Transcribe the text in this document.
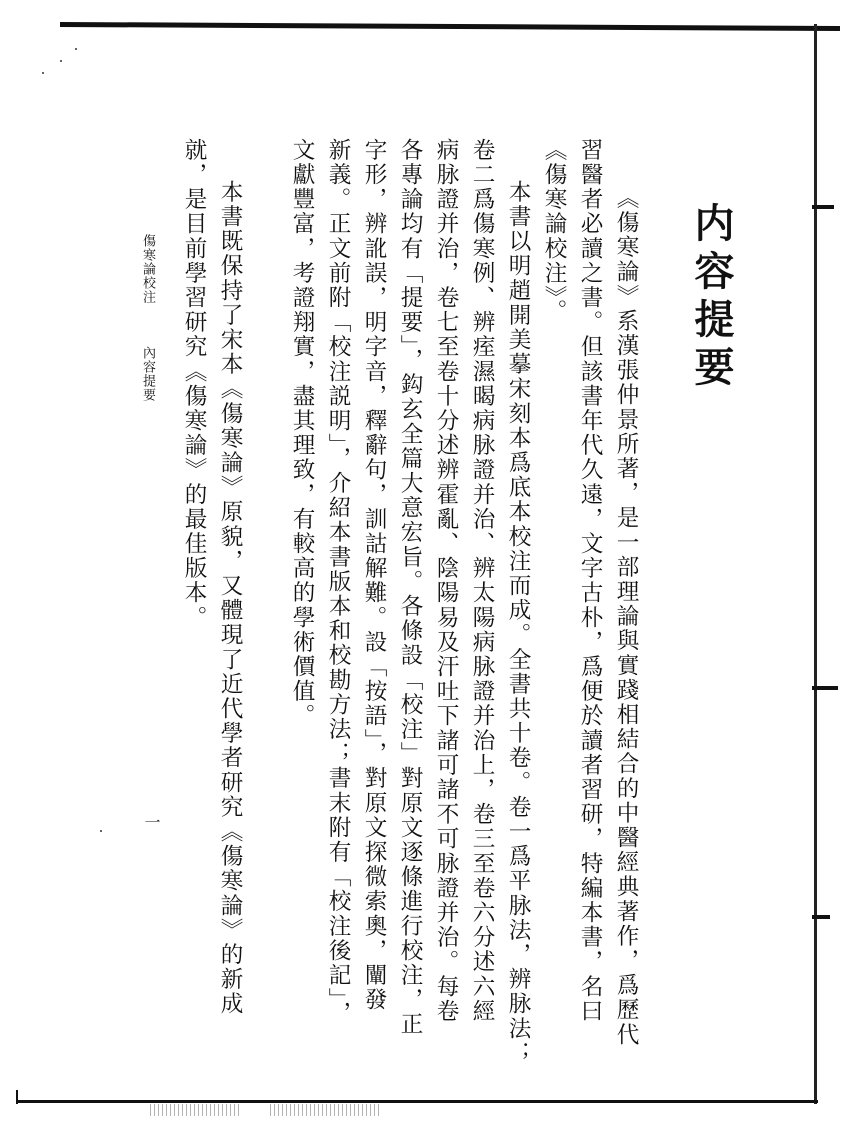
内容提要
《傷寒論》系漢張仲景所著，是一部理論與實踐相結合的中醫經典著作，爲歷代
習醫者必讀之書。但該書年代久遠，文字古朴，爲便於讀者習研，特編本書，名曰
《傷寒論校注》。
本書以明趙開美摹宋刻本爲底本校注而成。全書共十卷。卷一爲平脉法，辨脉法；
卷二爲傷寒例、辨痓濕暍病脉證并治、辨太陽病脉證并治上，卷三至卷六分述六經
病脉證并治，卷七至卷十分述辨霍亂、陰陽易及汗吐下諸可諸不可脉證并治。每卷
各專論均有「提要」，鈎玄全篇大意宏旨。各條設「校注」對原文逐條進行校注，正
字形，辨訛誤，明字音，釋辭句，訓詁解難。設「按語」，對原文探微索奧，闡發
新義。正文前附「校注説明」，介紹本書版本和校勘方法；書末附有「校注後記」，
文獻豐富，考證翔實，盡其理致，有較高的學術價值。
本書既保持了宋本《傷寒論》原貌，又體現了近代學者研究《傷寒論》的新成
就，是目前學習研究《傷寒論》的最佳版本。
傷寒論校注
內容提要
一
